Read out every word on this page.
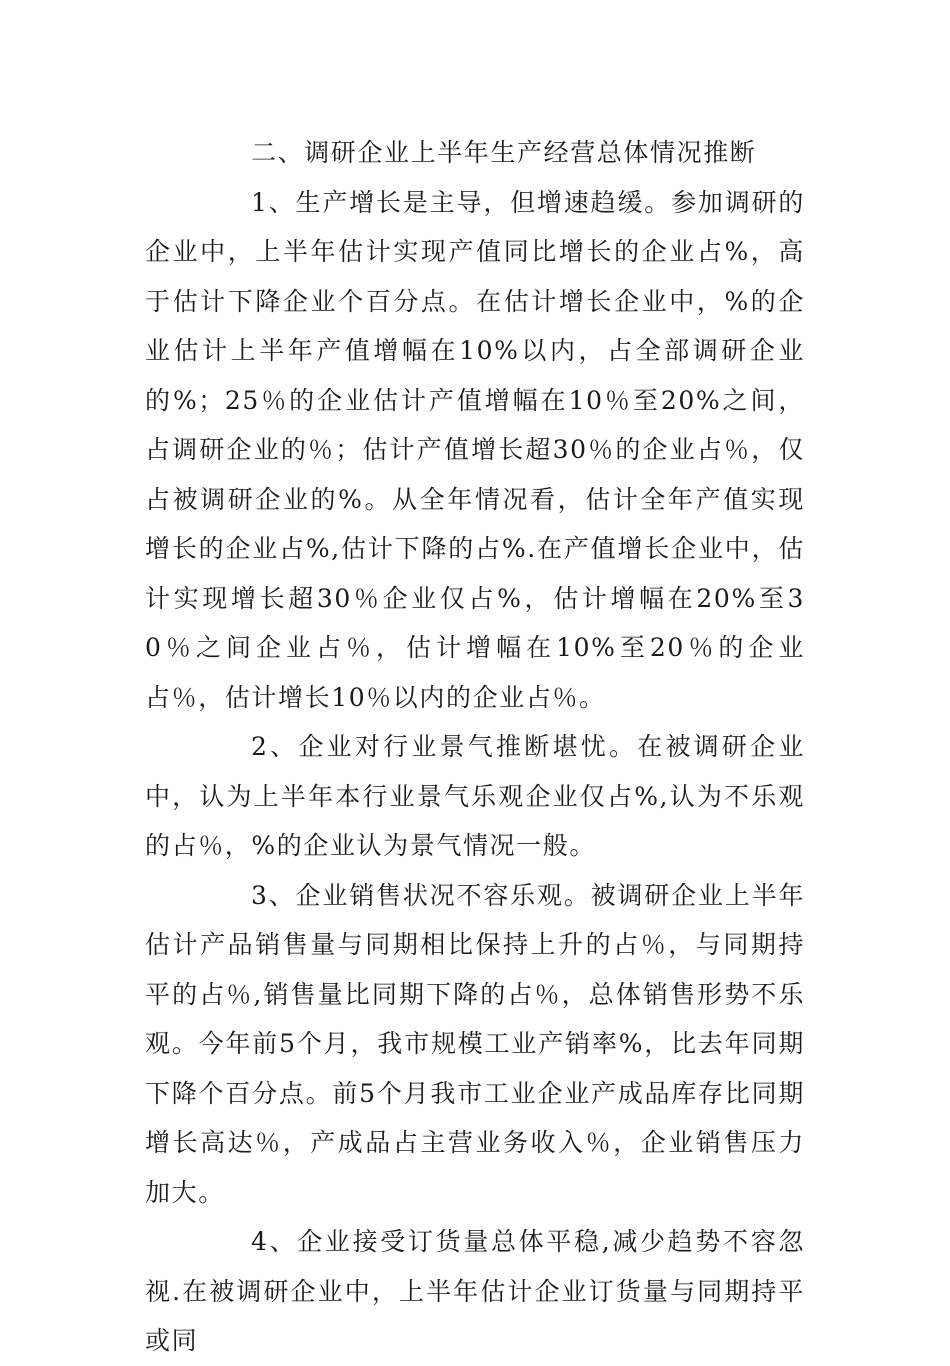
二、调研企业上半年生产经营总体情况推断

1、生产增长是主导，但增速趋缓。参加调研的企业中，上半年估计实现产值同比增长的企业占%，高于估计下降企业个百分点。在估计增长企业中，%的企业估计上半年产值增幅在10%以内，占全部调研企业的%；25％的企业估计产值增幅在10％至20%之间，占调研企业的％；估计产值增长超30％的企业占％，仅占被调研企业的%。从全年情况看，估计全年产值实现增长的企业占%,估计下降的占%.在产值增长企业中，估计实现增长超30％企业仅占%，估计增幅在20%至30％之间企业占％，估计增幅在10%至20％的企业占％，估计增长10％以内的企业占％。

2、企业对行业景气推断堪忧。在被调研企业中，认为上半年本行业景气乐观企业仅占%,认为不乐观的占％，%的企业认为景气情况一般。

3、企业销售状况不容乐观。被调研企业上半年估计产品销售量与同期相比保持上升的占％，与同期持平的占％,销售量比同期下降的占％，总体销售形势不乐观。今年前5个月，我市规模工业产销率%，比去年同期下降个百分点。前5个月我市工业企业产成品库存比同期增长高达％，产成品占主营业务收入％，企业销售压力加大。

4、企业接受订货量总体平稳,减少趋势不容忽视.在被调研企业中，上半年估计企业订货量与同期持平或同
